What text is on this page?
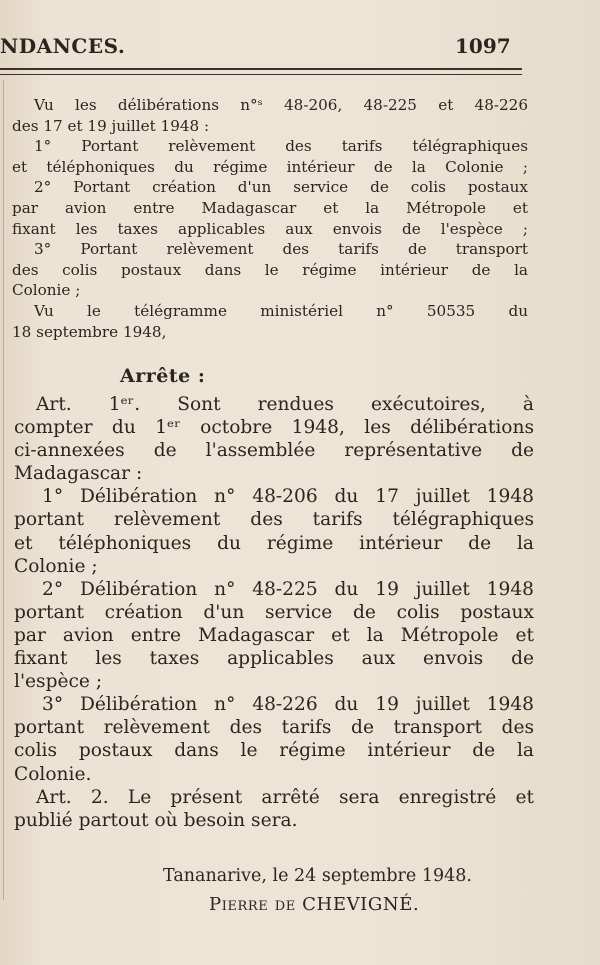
NDANCES.	1097
Vu les délibérations n°ˢ 48-206, 48-225 et 48-226
des 17 et 19 juillet 1948 :
1° Portant relèvement des tarifs télégraphiques
et téléphoniques du régime intérieur de la Colonie ;
2° Portant création d'un service de colis postaux
par avion entre Madagascar et la Métropole et
fixant les taxes applicables aux envois de l'espèce ;
3° Portant relèvement des tarifs de transport
des colis postaux dans le régime intérieur de la
Colonie ;
Vu le télégramme ministériel n° 50535 du
18 septembre 1948,
Arrête :
Art. 1ᵉʳ. Sont rendues exécutoires, à
compter du 1ᵉʳ octobre 1948, les délibérations
ci-annexées de l'assemblée représentative de
Madagascar :
1° Délibération n° 48-206 du 17 juillet 1948
portant relèvement des tarifs télégraphiques
et téléphoniques du régime intérieur de la
Colonie ;
2° Délibération n° 48-225 du 19 juillet 1948
portant création d'un service de colis postaux
par avion entre Madagascar et la Métropole et
fixant les taxes applicables aux envois de
l'espèce ;
3° Délibération n° 48-226 du 19 juillet 1948
portant relèvement des tarifs de transport des
colis postaux dans le régime intérieur de la
Colonie.
Art. 2. Le présent arrêté sera enregistré et
publié partout où besoin sera.
Tananarive, le 24 septembre 1948.
Pierre de CHEVIGNÉ.
